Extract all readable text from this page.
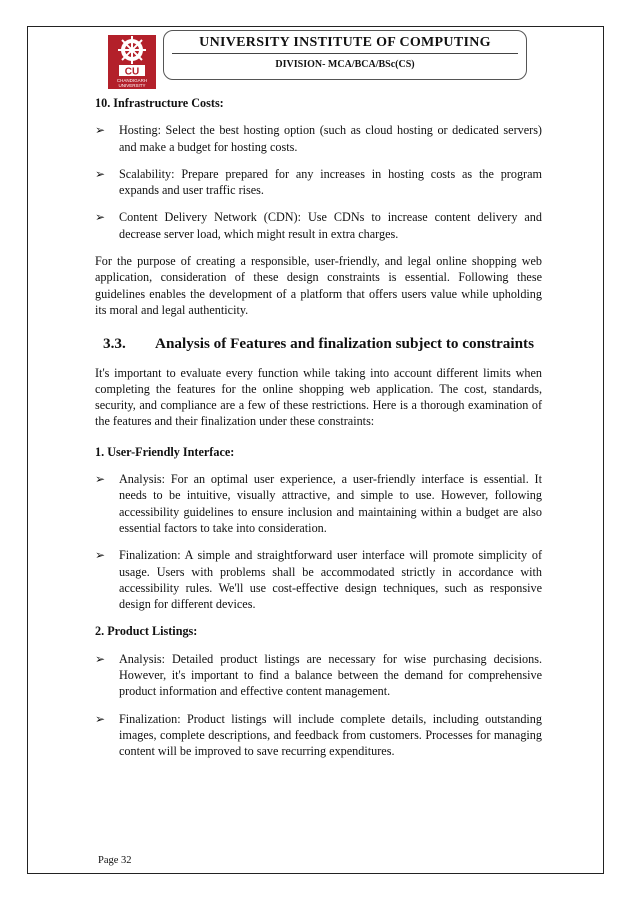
CU
CHANDIGARH
UNIVERSITY
UNIVERSITY INSTITUTE OF COMPUTING
DIVISION- MCA/BCA/BSc(CS)
10. Infrastructure Costs:
➢ Hosting: Select the best hosting option (such as cloud hosting or dedicated servers) and make a budget for hosting costs.
➢ Scalability: Prepare prepared for any increases in hosting costs as the program expands and user traffic rises.
➢ Content Delivery Network (CDN): Use CDNs to increase content delivery and decrease server load, which might result in extra charges.

For the purpose of creating a responsible, user-friendly, and legal online shopping web application, consideration of these design constraints is essential. Following these guidelines enables the development of a platform that offers users value while upholding its moral and legal authenticity.

3.3.	Analysis of Features and finalization subject to constraints

It's important to evaluate every function while taking into account different limits when completing the features for the online shopping web application. The cost, standards, security, and compliance are a few of these restrictions. Here is a thorough examination of the features and their finalization under these constraints:

1. User-Friendly Interface:
➢ Analysis: For an optimal user experience, a user-friendly interface is essential. It needs to be intuitive, visually attractive, and simple to use. However, following accessibility guidelines to ensure inclusion and maintaining within a budget are also essential factors to take into consideration.
➢ Finalization: A simple and straightforward user interface will promote simplicity of usage. Users with problems shall be accommodated strictly in accordance with accessibility rules. We'll use cost-effective design techniques, such as responsive design for different devices.
2. Product Listings:
➢ Analysis: Detailed product listings are necessary for wise purchasing decisions. However, it's important to find a balance between the demand for comprehensive product information and effective content management.
➢ Finalization: Product listings will include complete details, including outstanding images, complete descriptions, and feedback from customers. Processes for managing content will be improved to save recurring expenditures.
Page 32
